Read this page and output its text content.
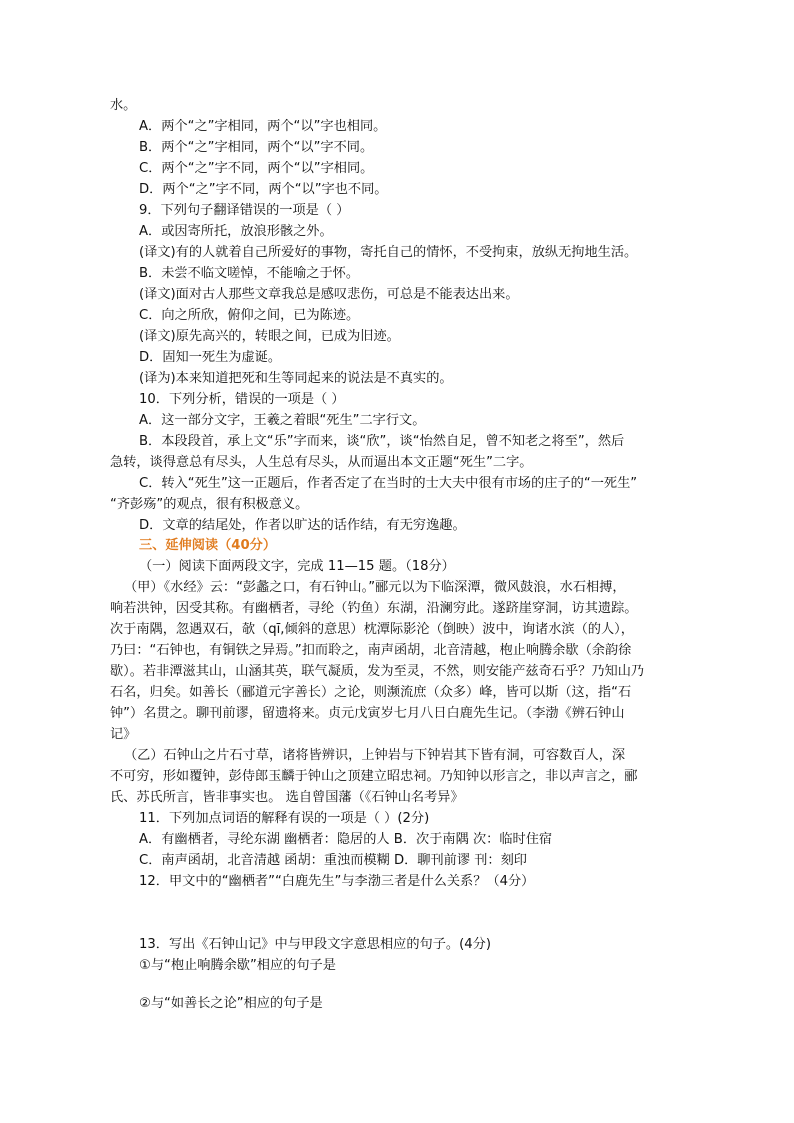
水。
A．两个“之”字相同，两个“以”字也相同。
B．两个“之”字相同，两个“以”字不同。
C．两个“之”字不同，两个“以”字相同。
D．两个“之”字不同，两个“以”字也不同。
9．下列句子翻译错误的一项是（ ）
A．或因寄所托，放浪形骸之外。
(译文)有的人就着自己所爱好的事物，寄托自己的情怀，不受拘束，放纵无拘地生活。
B．未尝不临文嗟悼，不能喻之于怀。
(译文)面对古人那些文章我总是感叹悲伤，可总是不能表达出来。
C．向之所欣，俯仰之间，已为陈迹。
(译文)原先高兴的，转眼之间，已成为旧迹。
D．固知一死生为虚诞。
(译为)本来知道把死和生等同起来的说法是不真实的。
10．下列分析，错误的一项是（ ）
A．这一部分文字，王羲之着眼“死生”二字行文。
B．本段段首，承上文“乐”字而来，谈“欣”，谈“怡然自足，曾不知老之将至”，然后
急转，谈得意总有尽头，人生总有尽头，从而逼出本文正题“死生”二字。
C．转入“死生”这一正题后，作者否定了在当时的士大夫中很有市场的庄子的“一死生”
“齐彭殇”的观点，很有积极意义。
D．文章的结尾处，作者以旷达的话作结，有无穷逸趣。
三、延伸阅读（40分）
（一）阅读下面两段文字，完成 11—15 题。（18分）
（甲）《水经》云：“彭蠡之口，有石钟山。”郦元以为下临深潭，微风鼓浪，水石相搏，
响若洪钟，因受其称。有幽栖者，寻纶（钓鱼）东湖，沿澜穷此。遂跻崖穿洞，访其遗踪。
次于南隅，忽遇双石，欹（qī,倾斜的意思）枕潭际影沦（倒映）波中，询诸水滨（的人），
乃曰：“石钟也，有铜铁之异焉。”扣而聆之，南声函胡，北音清越，枹止响腾余歇（余韵徐
歇）。若非潭滋其山，山涵其英，联气凝质，发为至灵，不然，则安能产兹奇石乎？乃知山乃
石名，归矣。如善长（郦道元字善长）之论，则濒流庶（众多）峰，皆可以斯（这，指“石
钟”）名贯之。聊刊前谬，留遗将来。贞元戊寅岁七月八日白鹿先生记。（李渤《辨石钟山
记》
（乙）石钟山之片石寸草，诸将皆辨识，上钟岩与下钟岩其下皆有洞，可容数百人，深
不可穷，形如覆钟，彭侍郎玉麟于钟山之顶建立昭忠祠。乃知钟以形言之，非以声言之，郦
氏、苏氏所言，皆非事实也。 选自曾国藩（《石钟山名考异》
11．下列加点词语的解释有误的一项是（ ）(2分)
A．有幽栖者，寻纶东湖 幽栖者：隐居的人 B．次于南隅 次：临时住宿
C．南声函胡，北音清越 函胡：重浊而模糊 D．聊刊前谬 刊：刻印
12．甲文中的“幽栖者”“白鹿先生”与李渤三者是什么关系？（4分）
13．写出《石钟山记》中与甲段文字意思相应的句子。(4分)
①与“枹止响腾余歇”相应的句子是
②与“如善长之论”相应的句子是
